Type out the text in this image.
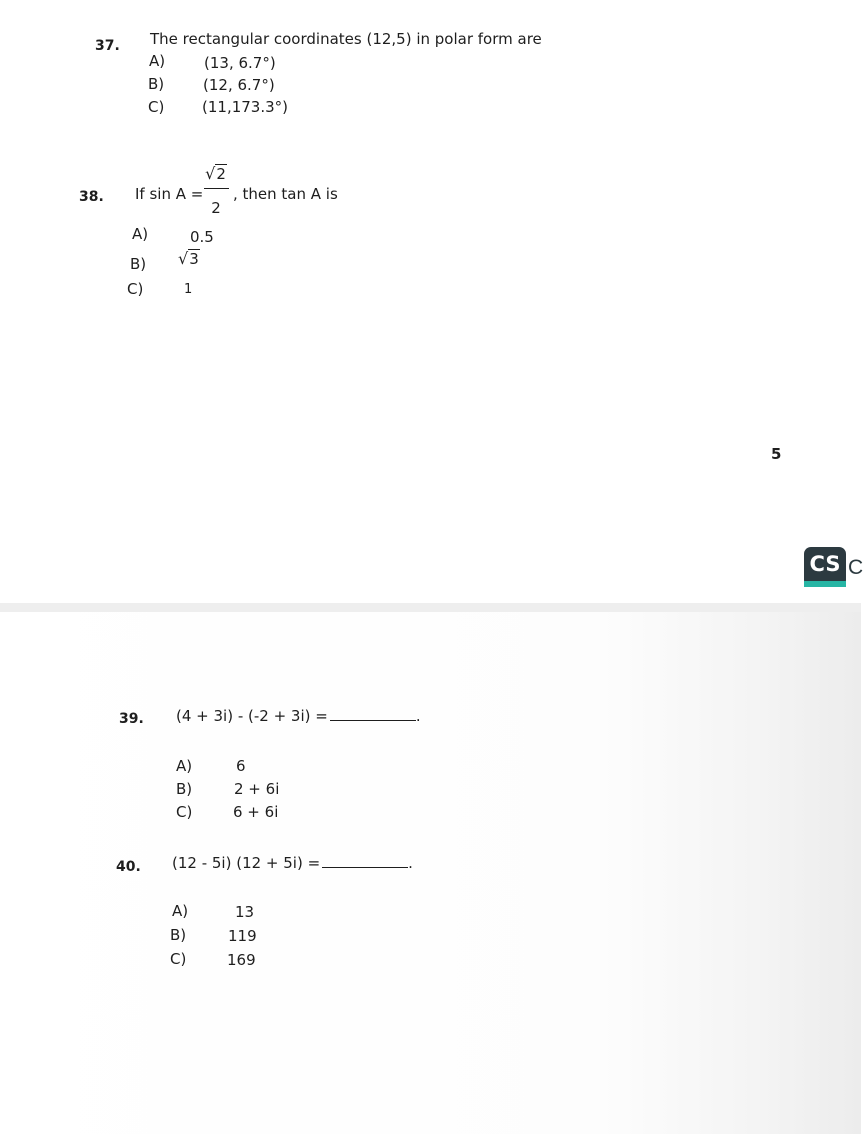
37. The rectangular coordinates (12,5) in polar form are
A)	(13, 6.7°)
B)	(12, 6.7°)
C)	(11,173.3°)
38. If sin A =
√2
2
, then tan A is
A)	0.5
B) √3
C)	1
5
CS C
39. (4 + 3i) - (-2 + 3i) =	.
A)	6
B)	2 + 6i
C)	6 + 6i
40. (12 - 5i) (12 + 5i) =	.
A)	13
B)	119
C)	169
